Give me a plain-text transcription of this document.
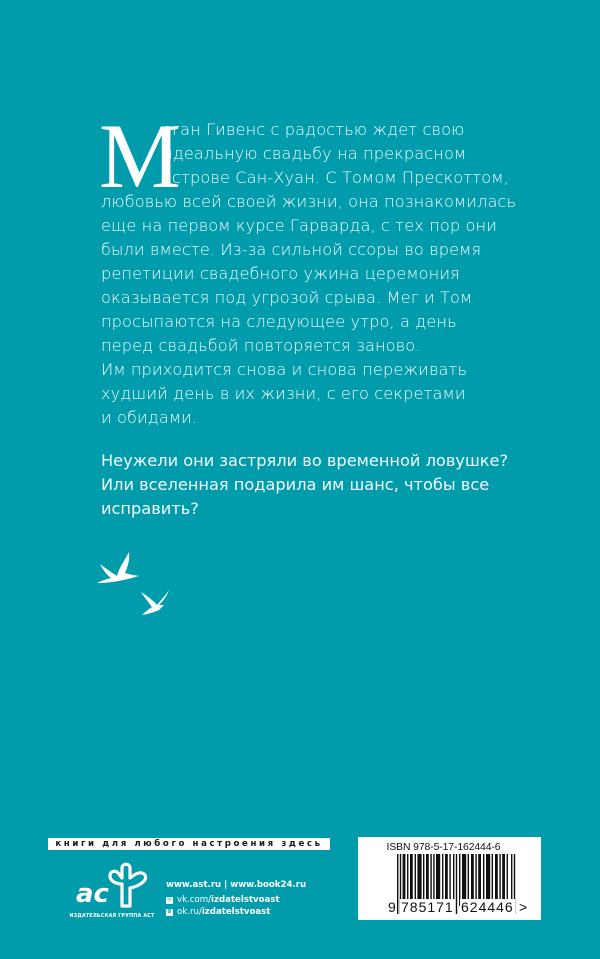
М
еган Гивенс с радостью ждет свою
идеальную свадьбу на прекрасном
острове Сан-Хуан. С Томом Прескоттом,
любовью всей своей жизни, она познакомилась
еще на первом курсе Гарварда, с тех пор они
были вместе. Из-за сильной ссоры во время
репетиции свадебного ужина церемония
оказывается под угрозой срыва. Мег и Том
просыпаются на следующее утро, а день
перед свадьбой повторяется заново.
Им приходится снова и снова переживать
худший день в их жизни, с его секретами
и обидами.
Неужели они застряли во временной ловушке?
Или вселенная подарила им шанс, чтобы все
исправить?
книги для любого настроения здесь
ас
ИЗДАТЕЛЬСКАЯ ГРУППА АСТ
www.ast.ru | www.book24.ru
✉ vk.com/ izdatelstvoast
8 ok.ru/ izdatelstvoast
ISBN 978-5-17-162444-6
9 785171 624446 >
